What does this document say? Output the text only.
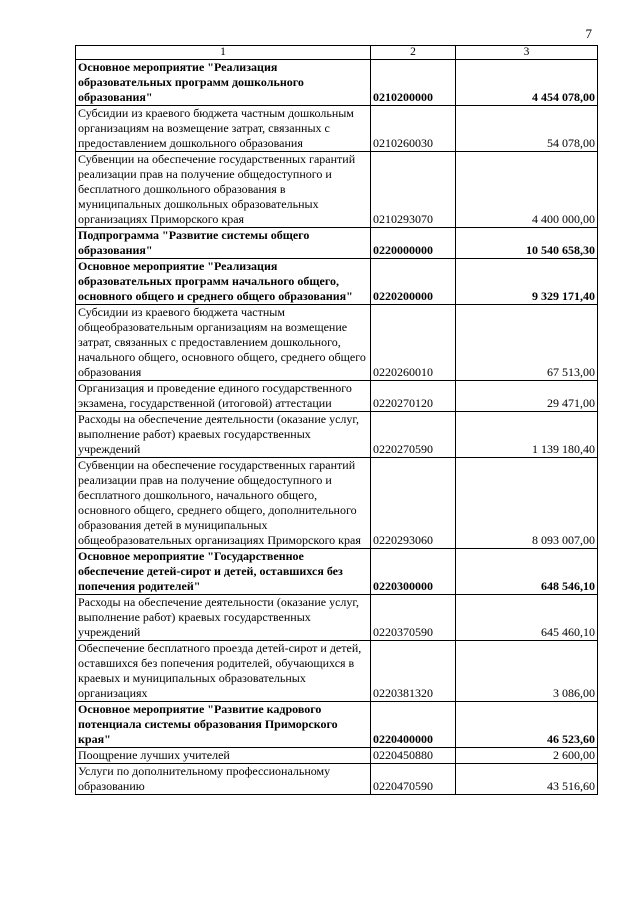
7
1	2	3
Основное мероприятие "Реализация образовательных программ дошкольного образования"	0210200000	4 454 078,00
Субсидии из краевого бюджета частным дошкольным организациям на возмещение затрат, связанных с предоставлением дошкольного образования	0210260030	54 078,00
Субвенции на обеспечение государственных гарантий реализации прав на получение общедоступного и бесплатного дошкольного образования в муниципальных дошкольных образовательных организациях Приморского края	0210293070	4 400 000,00
Подпрограмма "Развитие системы общего образования"	0220000000	10 540 658,30
Основное мероприятие "Реализация образовательных программ начального общего, основного общего и среднего общего образования"	0220200000	9 329 171,40
Субсидии из краевого бюджета частным общеобразовательным организациям на возмещение затрат, связанных с предоставлением дошкольного, начального общего, основного общего, среднего общего образования	0220260010	67 513,00
Организация и проведение единого государственного экзамена, государственной (итоговой) аттестации	0220270120	29 471,00
Расходы на обеспечение деятельности (оказание услуг, выполнение работ) краевых государственных учреждений	0220270590	1 139 180,40
Субвенции на обеспечение государственных гарантий реализации прав на получение общедоступного и бесплатного дошкольного, начального общего, основного общего, среднего общего, дополнительного образования детей в муниципальных общеобразовательных организациях Приморского края	0220293060	8 093 007,00
Основное мероприятие "Государственное обеспечение детей-сирот и детей, оставшихся без попечения родителей"	0220300000	648 546,10
Расходы на обеспечение деятельности (оказание услуг, выполнение работ) краевых государственных учреждений	0220370590	645 460,10
Обеспечение бесплатного проезда детей-сирот и детей, оставшихся без попечения родителей, обучающихся в краевых и муниципальных образовательных организациях	0220381320	3 086,00
Основное мероприятие "Развитие кадрового потенциала системы образования Приморского края"	0220400000	46 523,60
Поощрение лучших учителей	0220450880	2 600,00
Услуги по дополнительному профессиональному образованию	0220470590	43 516,60
